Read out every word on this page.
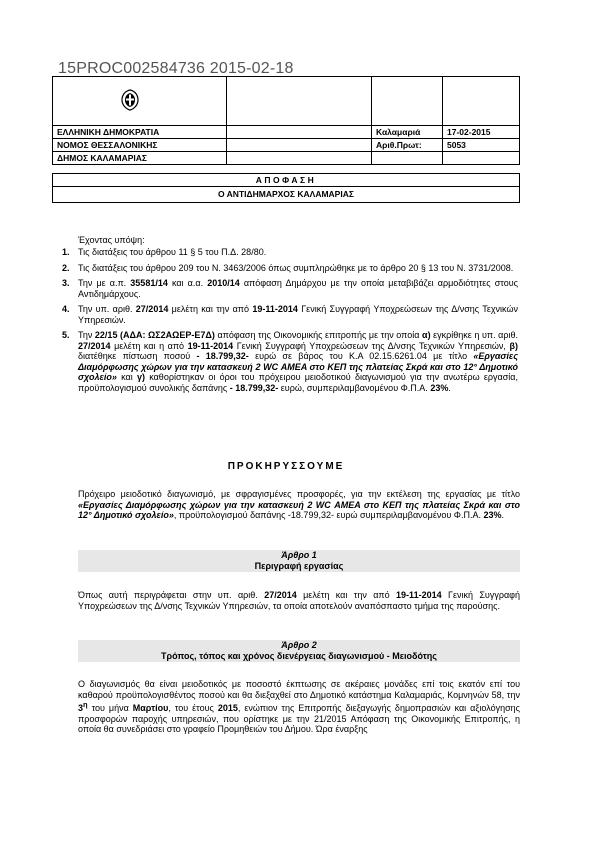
15PROC002584736 2015-02-18

ΕΛΛΗΝΙΚΗ ΔΗΜΟΚΡΑΤΙΑ		Καλαμαριά	17-02-2015
ΝΟΜΟΣ ΘΕΣΣΑΛΟΝΙΚΗΣ		Αριθ.Πρωτ:	5053
ΔΗΜΟΣ ΚΑΛΑΜΑΡΙΑΣ			
ΑΠΟΦΑΣΗ
Ο ΑΝΤΙΔΗΜΑΡΧΟΣ ΚΑΛΑΜΑΡΙΑΣ
Έχοντας υπόψη:
1. Τις διατάξεις του άρθρου 11 § 5 του Π.Δ. 28/80.
2. Τις διατάξεις του άρθρου 209 του Ν. 3463/2006 όπως συμπληρώθηκε με το άρθρο 20 § 13 του Ν. 3731/2008.
3. Την με α.π. 35581/14 και α.α. 2010/14 απόφαση Δημάρχου με την οποία μεταβιβάζει αρμοδιότητες στους Αντιδημάρχους.
4. Την υπ. αριθ. 27/2014 μελέτη και την από 19-11-2014 Γενική Συγγραφή Υποχρεώσεων της Δ/νσης Τεχνικών Υπηρεσιών.
5. Την 22/15 (ΑΔΑ: ΩΣ2ΑΩΕΡ-Ε7Δ) απόφαση της Οικονομικής επιτροπής με την οποία α) εγκρίθηκε η υπ. αριθ. 27/2014 μελέτη και η από 19-11-2014 Γενική Συγγραφή Υποχρεώσεων της Δ/νσης Τεχνικών Υπηρεσιών, β) διατέθηκε πίστωση ποσού - 18.799,32- ευρώ σε βάρος του Κ.Α 02.15.6261.04 με τίτλο «Εργασίες Διαμόρφωσης χώρων για την κατασκευή 2 WC ΑΜΕΑ στο ΚΕΠ της πλατείας Σκρά και στο 12° Δημοτικό σχολείο» και γ) καθορίστηκαν οι όροι του πρόχειρου μειοδοτικού διαγωνισμού για την ανωτέρω εργασία, προϋπολογισμού συνολικής δαπάνης - 18.799,32- ευρώ, συμπεριλαμβανομένου Φ.Π.Α. 23%.
ΠΡΟΚΗΡΥΣΣΟΥΜΕ
Πρόχειρο μειοδοτικό διαγωνισμό, με σφραγισμένες προσφορές, για την εκτέλεση της εργασίας με τίτλο «Εργασίες Διαμόρφωσης χώρων για την κατασκευή 2 WC ΑΜΕΑ στο ΚΕΠ της πλατείας Σκρά και στο 12° Δημοτικό σχολείο», προϋπολογισμού δαπάνης -18.799,32- ευρώ συμπεριλαμβανομένου Φ.Π.Α. 23%.
Άρθρο 1
Περιγραφή εργασίας
Όπως αυτή περιγράφεται στην υπ. αριθ. 27/2014 μελέτη και την από 19-11-2014 Γενική Συγγραφή Υποχρεώσεων της Δ/νσης Τεχνικών Υπηρεσιών, τα οποία αποτελούν αναπόσπαστο τμήμα της παρούσης.
Άρθρο 2
Τρόπος, τόπος και χρόνος διενέργειας διαγωνισμού - Μειοδότης
Ο διαγωνισμός θα είναι μειοδοτικός με ποσοστό έκπτωσης σε ακέραιες μονάδες επί τοις εκατόν επί του καθαρού προϋπολογισθέντος ποσού και θα διεξαχθεί στο Δημοτικό κατάστημα Καλαμαριάς, Κομνηνών 58, την $3^\eta$ του μήνα Μαρτίου, του έτους 2015, ενώπιον της Επιτροπής διεξαγωγής δημοπρασιών και αξιολόγησης προσφορών παροχής υπηρεσιών, που ορίστηκε με την 21/2015 Απόφαση της Οικονομικής Επιτροπής, η οποία θα συνεδριάσει στο γραφείο Προμηθειών του Δήμου. Ώρα έναρξης
